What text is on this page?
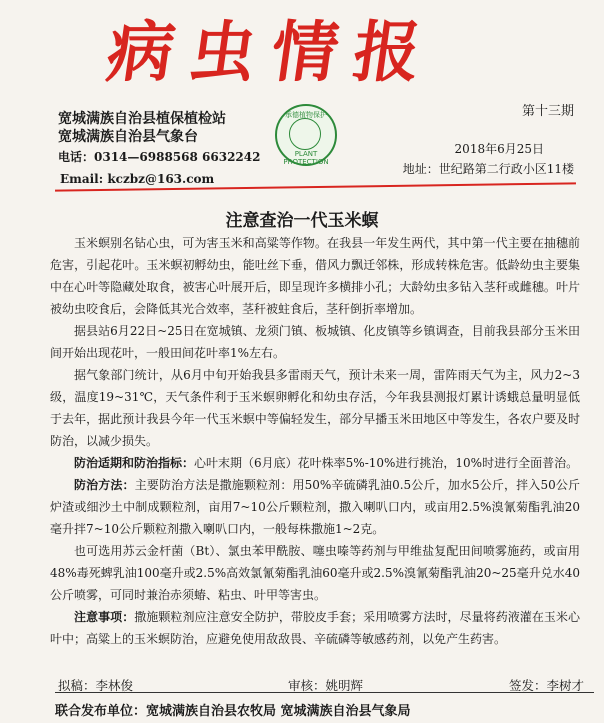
病虫情报
宽城满族自治县植保植检站
宽城满族自治县气象台
第十三期
承德植物保护
PLANT PROTECTION
电话：0314—6988568 6632242
Email: kczbz@163.com
2018年6月25日
地址：世纪路第二行政小区11楼
注意查治一代玉米螟

玉米螟别名钻心虫，可为害玉米和高粱等作物。在我县一年发生两代，其中第一代主要在抽穗前危害，引起花叶。玉米螟初孵幼虫，能吐丝下垂，借风力飘迁邻株，形成转株危害。低龄幼虫主要集中在心叶等隐藏处取食，被害心叶展开后，即呈现许多横排小孔；大龄幼虫多钻入茎秆或雌穗。叶片被幼虫咬食后，会降低其光合效率，茎秆被蛀食后，茎秆倒折率增加。

据县站6月22日~25日在宽城镇、龙须门镇、板城镇、化皮镇等乡镇调查，目前我县部分玉米田间开始出现花叶，一般田间花叶率1%左右。

据气象部门统计，从6月中旬开始我县多雷雨天气，预计未来一周，雷阵雨天气为主，风力2~3级，温度19~31℃，天气条件利于玉米螟卵孵化和幼虫存活，今年我县测报灯累计诱蛾总量明显低于去年，据此预计我县今年一代玉米螟中等偏轻发生，部分早播玉米田地区中等发生，各农户要及时防治，以减少损失。

防治适期和防治指标：心叶末期（6月底）花叶株率5%-10%进行挑治，10%时进行全面普治。

防治方法：主要防治方法是撒施颗粒剂：用50%辛硫磷乳油0.5公斤，加水5公斤，拌入50公斤炉渣或细沙土中制成颗粒剂，亩用7~10公斤颗粒剂，撒入喇叭口内，或亩用2.5%溴氰菊酯乳油20毫升拌7~10公斤颗粒剂撒入喇叭口内，一般每株撒施1~2克。

也可选用苏云金杆菌（Bt）、氯虫苯甲酰胺、噻虫嗪等药剂与甲维盐复配田间喷雾施药，或亩用48%毒死蜱乳油100毫升或2.5%高效氯氰菊酯乳油60毫升或2.5%溴氰菊酯乳油20~25毫升兑水40公斤喷雾，可同时兼治赤须蝽、粘虫、叶甲等害虫。

注意事项：撒施颗粒剂应注意安全防护，带胶皮手套；采用喷雾方法时，尽量将药液灌在玉米心叶中；高粱上的玉米螟防治，应避免使用敌敌畏、辛硫磷等敏感药剂，以免产生药害。

拟稿：李林俊	审核：姚明辉	签发：李树才
联合发布单位：宽城满族自治县农牧局 宽城满族自治县气象局
